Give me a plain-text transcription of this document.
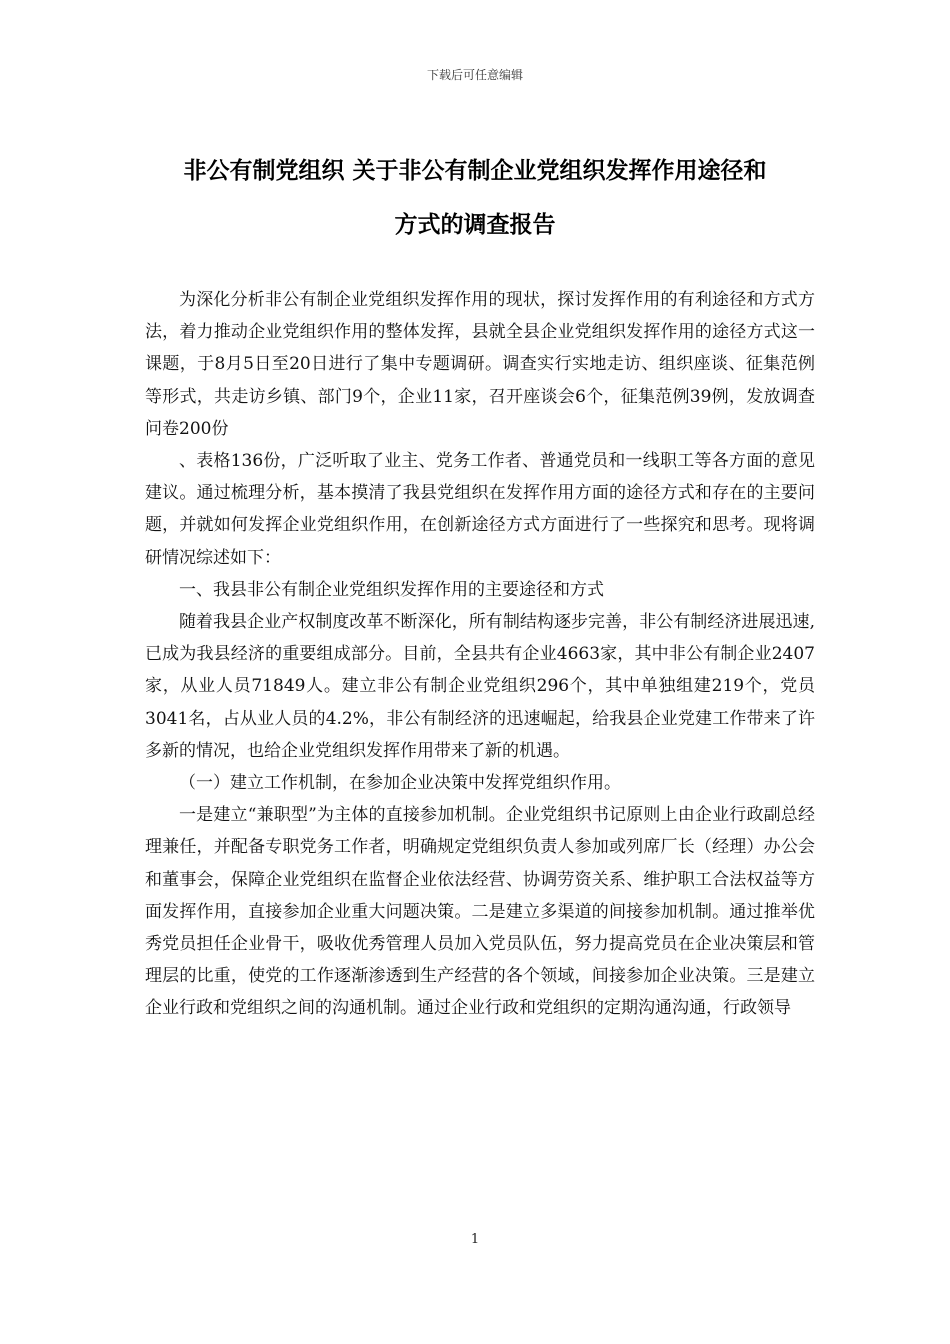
下载后可任意编辑
非公有制党组织 关于非公有制企业党组织发挥作用途径和
方式的调查报告

为深化分析非公有制企业党组织发挥作用的现状，探讨发挥作用的有利途径和方式方法，着力推动企业党组织作用的整体发挥，县就全县企业党组织发挥作用的途径方式这一课题，于8月5日至20日进行了集中专题调研。调查实行实地走访、组织座谈、征集范例等形式，共走访乡镇、部门9个，企业11家，召开座谈会6个，征集范例39例，发放调查问卷200份

、表格136份，广泛听取了业主、党务工作者、普通党员和一线职工等各方面的意见建议。通过梳理分析，基本摸清了我县党组织在发挥作用方面的途径方式和存在的主要问题，并就如何发挥企业党组织作用，在创新途径方式方面进行了一些探究和思考。现将调研情况综述如下：

一、我县非公有制企业党组织发挥作用的主要途径和方式

随着我县企业产权制度改革不断深化，所有制结构逐步完善，非公有制经济进展迅速,已成为我县经济的重要组成部分。目前，全县共有企业4663家，其中非公有制企业2407家，从业人员71849人。建立非公有制企业党组织296个，其中单独组建219个，党员3041名，占从业人员的4.2%，非公有制经济的迅速崛起，给我县企业党建工作带来了许多新的情况，也给企业党组织发挥作用带来了新的机遇。

（一）建立工作机制，在参加企业决策中发挥党组织作用。

一是建立“兼职型”为主体的直接参加机制。企业党组织书记原则上由企业行政副总经理兼任，并配备专职党务工作者，明确规定党组织负责人参加或列席厂长（经理）办公会和董事会，保障企业党组织在监督企业依法经营、协调劳资关系、维护职工合法权益等方面发挥作用，直接参加企业重大问题决策。二是建立多渠道的间接参加机制。通过推举优秀党员担任企业骨干，吸收优秀管理人员加入党员队伍，努力提高党员在企业决策层和管理层的比重，使党的工作逐渐渗透到生产经营的各个领域，间接参加企业决策。三是建立企业行政和党组织之间的沟通机制。通过企业行政和党组织的定期沟通沟通，行政领导

1
